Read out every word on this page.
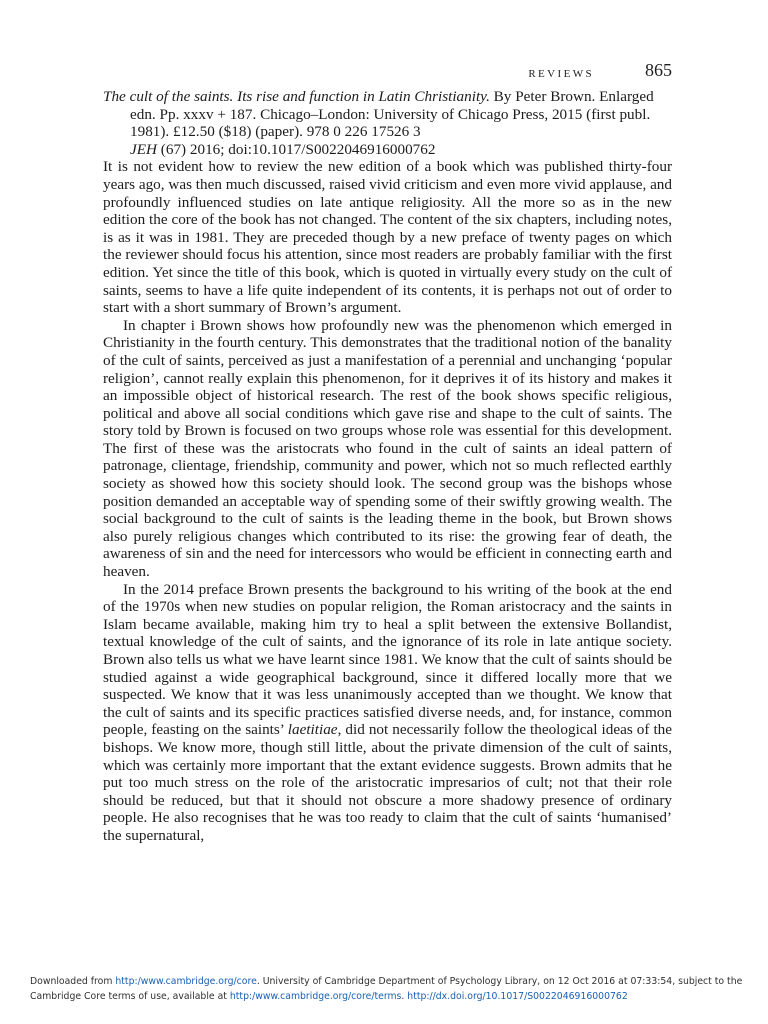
REVIEWS	865
The cult of the saints. Its rise and function in Latin Christianity. By Peter Brown. Enlarged edn. Pp. xxxv + 187. Chicago–London: University of Chicago Press, 2015 (first publ. 1981). £12.50 ($18) (paper). 978 0 226 17526 3
JEH (67) 2016; doi:10.1017/S0022046916000762

It is not evident how to review the new edition of a book which was published thirty-four years ago, was then much discussed, raised vivid criticism and even more vivid applause, and profoundly influenced studies on late antique religiosity. All the more so as in the new edition the core of the book has not changed. The content of the six chapters, including notes, is as it was in 1981. They are preceded though by a new preface of twenty pages on which the reviewer should focus his attention, since most readers are probably familiar with the first edition. Yet since the title of this book, which is quoted in virtually every study on the cult of saints, seems to have a life quite independent of its contents, it is perhaps not out of order to start with a short summary of Brown’s argument.

In chapter i Brown shows how profoundly new was the phenomenon which emerged in Christianity in the fourth century. This demonstrates that the traditional notion of the banality of the cult of saints, perceived as just a manifestation of a perennial and unchanging ‘popular religion’, cannot really explain this phenomenon, for it deprives it of its history and makes it an impossible object of historical research. The rest of the book shows specific religious, political and above all social conditions which gave rise and shape to the cult of saints. The story told by Brown is focused on two groups whose role was essential for this development. The first of these was the aristocrats who found in the cult of saints an ideal pattern of patronage, clientage, friendship, community and power, which not so much reflected earthly society as showed how this society should look. The second group was the bishops whose position demanded an acceptable way of spending some of their swiftly growing wealth. The social background to the cult of saints is the leading theme in the book, but Brown shows also purely religious changes which contributed to its rise: the growing fear of death, the awareness of sin and the need for intercessors who would be efficient in connecting earth and heaven.

In the 2014 preface Brown presents the background to his writing of the book at the end of the 1970s when new studies on popular religion, the Roman aristocracy and the saints in Islam became available, making him try to heal a split between the extensive Bollandist, textual knowledge of the cult of saints, and the ignorance of its role in late antique society. Brown also tells us what we have learnt since 1981. We know that the cult of saints should be studied against a wide geographical background, since it differed locally more that we suspected. We know that it was less unanimously accepted than we thought. We know that the cult of saints and its specific practices satisfied diverse needs, and, for instance, common people, feasting on the saints’ laetitiae, did not necessarily follow the theological ideas of the bishops. We know more, though still little, about the private dimension of the cult of saints, which was certainly more important that the extant evidence suggests. Brown admits that he put too much stress on the role of the aristocratic impresarios of cult; not that their role should be reduced, but that it should not obscure a more shadowy presence of ordinary people. He also recognises that he was too ready to claim that the cult of saints ‘humanised’ the supernatural,

Downloaded from http:/www.cambridge.org/core. University of Cambridge Department of Psychology Library, on 12 Oct 2016 at 07:33:54, subject to the Cambridge Core terms of use, available at http:/www.cambridge.org/core/terms. http://dx.doi.org/10.1017/S0022046916000762
